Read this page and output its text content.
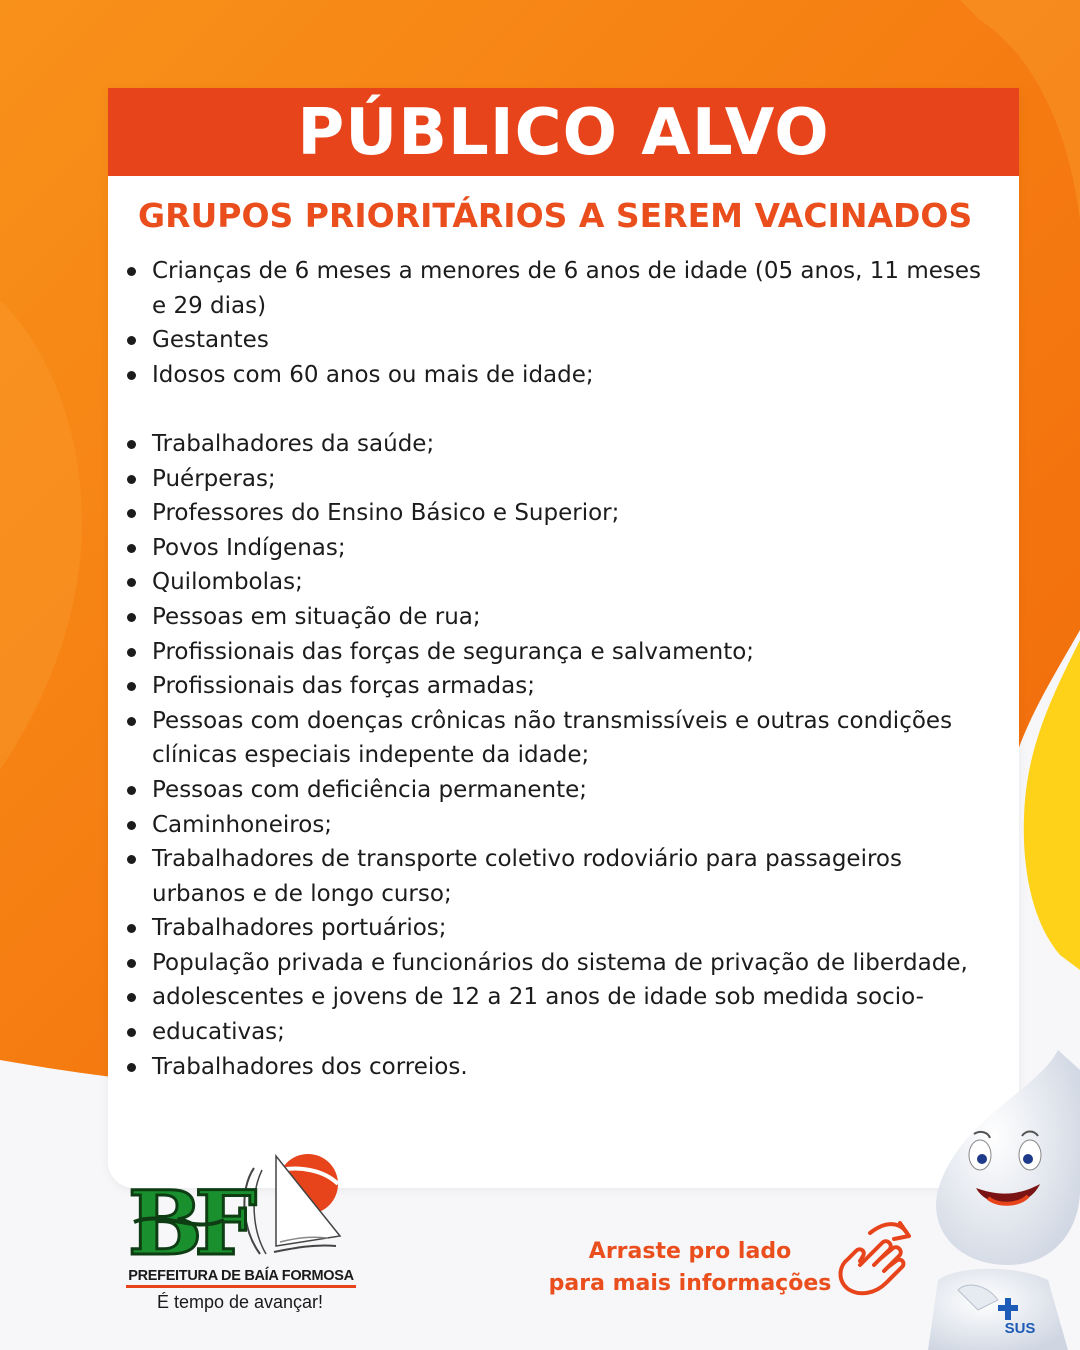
PÚBLICO ALVO
GRUPOS PRIORITÁRIOS A SEREM VACINADOS
Crianças de 6 meses a menores de 6 anos de idade (05 anos, 11 meses e 29 dias)
Gestantes
Idosos com 60 anos ou mais de idade;
Trabalhadores da saúde;
Puérperas;
Professores do Ensino Básico e Superior;
Povos Indígenas;
Quilombolas;
Pessoas em situação de rua;
Profissionais das forças de segurança e salvamento;
Profissionais das forças armadas;
Pessoas com doenças crônicas não transmissíveis e outras condições clínicas especiais indepente da idade;
Pessoas com deficiência permanente;
Caminhoneiros;
Trabalhadores de transporte coletivo rodoviário para passageiros urbanos e de longo curso;
Trabalhadores portuários;
População privada e funcionários do sistema de privação de liberdade,
adolescentes e jovens de 12 a 21 anos de idade sob medida socio-
educativas;
Trabalhadores dos correios.
BF
PREFEITURA DE BAÍA FORMOSA
É tempo de avançar!
Arraste pro lado
para mais informações
SUS
